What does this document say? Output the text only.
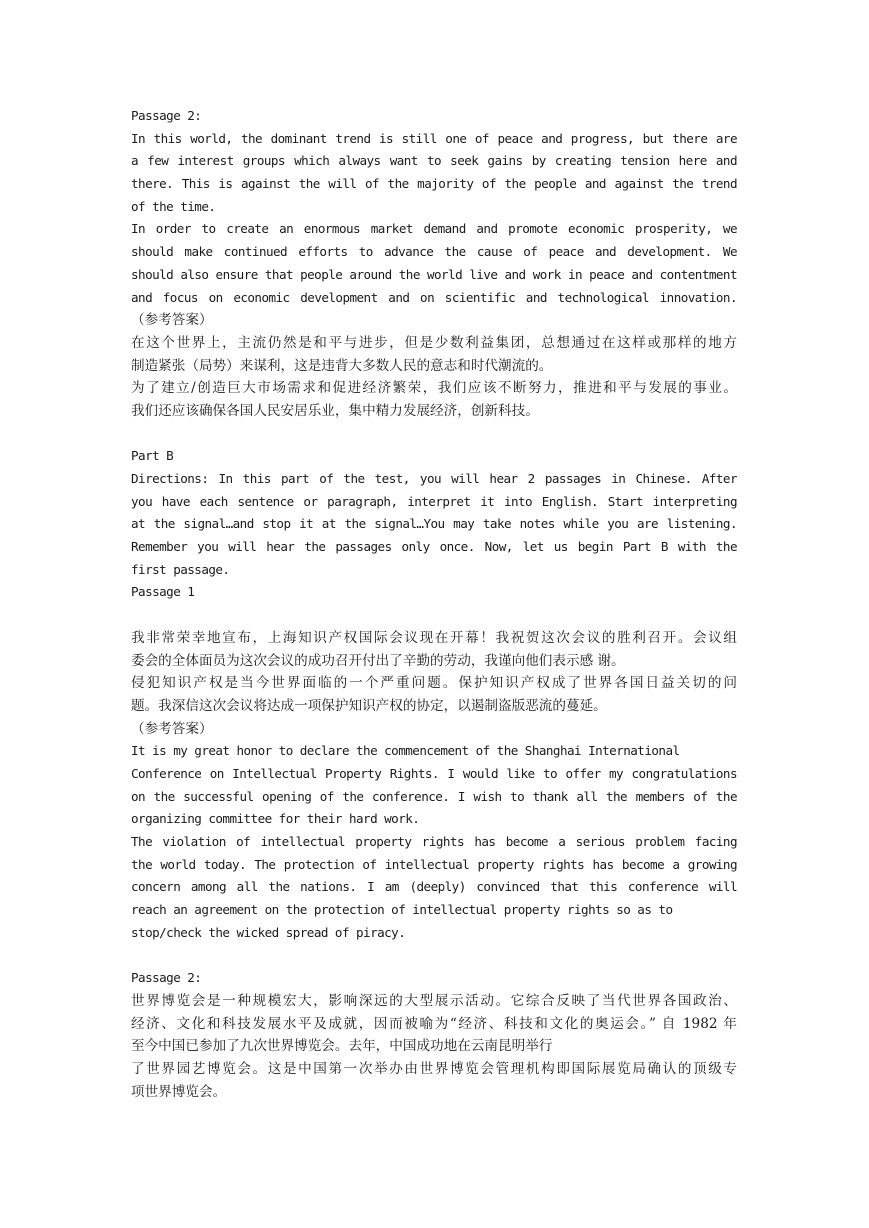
Passage 2:
In this world, the dominant trend is still one of peace and progress, but there are
a few interest groups which always want to seek gains by creating tension here and
there. This is against the will of the majority of the people and against the trend
of the time.
In order to create an enormous market demand and promote economic prosperity, we
should make continued efforts to advance the cause of peace and development. We
should also ensure that people around the world live and work in peace and contentment
and focus on economic development and on scientific and technological innovation.
（参考答案）
在这个世界上，主流仍然是和平与进步，但是少数利益集团，总想通过在这样或那样的地方
制造紧张（局势）来谋利，这是违背大多数人民的意志和时代潮流的。
为了建立/创造巨大市场需求和促进经济繁荣，我们应该不断努力，推进和平与发展的事业。
我们还应该确保各国人民安居乐业，集中精力发展经济，创新科技。
Part B
Directions: In this part of the test, you will hear 2 passages in Chinese. After
you have each sentence or paragraph, interpret it into English. Start interpreting
at the signal…and stop it at the signal…You may take notes while you are listening.
Remember you will hear the passages only once. Now, let us begin Part B with the
first passage.
Passage 1
我非常荣幸地宣布，上海知识产权国际会议现在开幕！我祝贺这次会议的胜利召开。会议组
委会的全体面员为这次会议的成功召开付出了辛勤的劳动，我谨向他们表示感 谢。
侵犯知识产权是当今世界面临的一个严重问题。保护知识产权成了世界各国日益关切的问
题。我深信这次会议将达成一项保护知识产权的协定，以遏制盗版恶流的蔓延。
（参考答案）
It is my great honor to declare the commencement of the Shanghai International
Conference on Intellectual Property Rights. I would like to offer my congratulations
on the successful opening of the conference. I wish to thank all the members of the
organizing committee for their hard work.
The violation of intellectual property rights has become a serious problem facing
the world today. The protection of intellectual property rights has become a growing
concern among all the nations. I am (deeply) convinced that this conference will
reach an agreement on the protection of intellectual property rights so as to
stop/check the wicked spread of piracy.
Passage 2:
世界博览会是一种规模宏大，影响深远的大型展示活动。它综合反映了当代世界各国政治、
经济、文化和科技发展水平及成就，因而被喻为“经济、科技和文化的奥运会。” 自 1982 年
至今中国已参加了九次世界博览会。去年，中国成功地在云南昆明举行
了世界园艺博览会。这是中国第一次举办由世界博览会管理机构即国际展览局确认的顶级专
项世界博览会。
